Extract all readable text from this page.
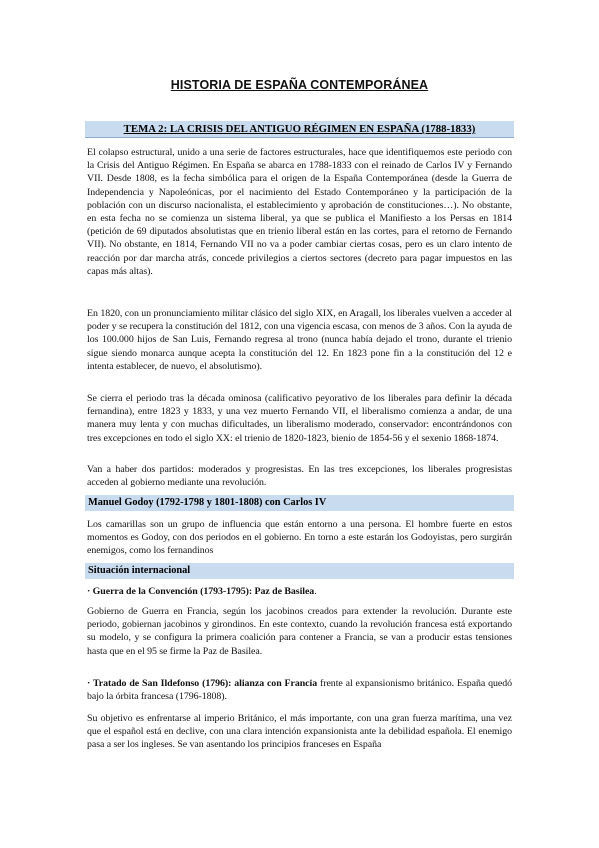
HISTORIA DE ESPAÑA CONTEMPORÁNEA
TEMA 2: LA CRISIS DEL ANTIGUO RÉGIMEN EN ESPAÑA (1788-1833)

El colapso estructural, unido a una serie de factores estructurales, hace que identifiquemos este periodo con la Crisis del Antiguo Régimen. En España se abarca en 1788-1833 con el reinado de Carlos IV y Fernando VII. Desde 1808, es la fecha simbólica para el origen de la España Contemporánea (desde la Guerra de Independencia y Napoleónicas, por el nacimiento del Estado Contemporáneo y la participación de la población con un discurso nacionalista, el establecimiento y aprobación de constituciones…). No obstante, en esta fecha no se comienza un sistema liberal, ya que se publica el Manifiesto a los Persas en 1814 (petición de 69 diputados absolutistas que en trienio liberal están en las cortes, para el retorno de Fernando VII). No obstante, en 1814, Fernando VII no va a poder cambiar ciertas cosas, pero es un claro intento de reacción por dar marcha atrás, concede privilegios a ciertos sectores (decreto para pagar impuestos en las capas más altas).

En 1820, con un pronunciamiento militar clásico del siglo XIX, en Aragall, los liberales vuelven a acceder al poder y se recupera la constitución del 1812, con una vigencia escasa, con menos de 3 años. Con la ayuda de los 100.000 hijos de San Luis, Fernando regresa al trono (nunca había dejado el trono, durante el trienio sigue siendo monarca aunque acepta la constitución del 12. En 1823 pone fin a la constitución del 12 e intenta establecer, de nuevo, el absolutismo).

Se cierra el periodo tras la década ominosa (calificativo peyorativo de los liberales para definir la década fernandina), entre 1823 y 1833, y una vez muerto Fernando VII, el liberalismo comienza a andar, de una manera muy lenta y con muchas dificultades, un liberalismo moderado, conservador: encontrándonos con tres excepciones en todo el siglo XX: el trienio de 1820-1823, bienio de 1854-56 y el sexenio 1868-1874.

Van a haber dos partidos: moderados y progresistas. En las tres excepciones, los liberales progresistas acceden al gobierno mediante una revolución.

Manuel Godoy (1792-1798 y 1801-1808) con Carlos IV

Los camarillas son un grupo de influencia que están entorno a una persona. El hombre fuerte en estos momentos es Godoy, con dos periodos en el gobierno. En torno a este estarán los Godoyistas, pero surgirán enemigos, como los fernandinos

Situación internacional

· Guerra de la Convención (1793-1795): Paz de Basilea.

Gobierno de Guerra en Francia, según los jacobinos creados para extender la revolución. Durante este periodo, gobiernan jacobinos y girondinos. En este contexto, cuando la revolución francesa está exportando su modelo, y se configura la primera coalición para contener a Francia, se van a producir estas tensiones hasta que en el 95 se firme la Paz de Basilea.

· Tratado de San Ildefonso (1796): alianza con Francia frente al expansionismo británico. España quedó bajo la órbita francesa (1796-1808).

Su objetivo es enfrentarse al imperio Británico, el más importante, con una gran fuerza marítima, una vez que el español está en declive, con una clara intención expansionista ante la debilidad española. El enemigo pasa a ser los ingleses. Se van asentando los principios franceses en España
